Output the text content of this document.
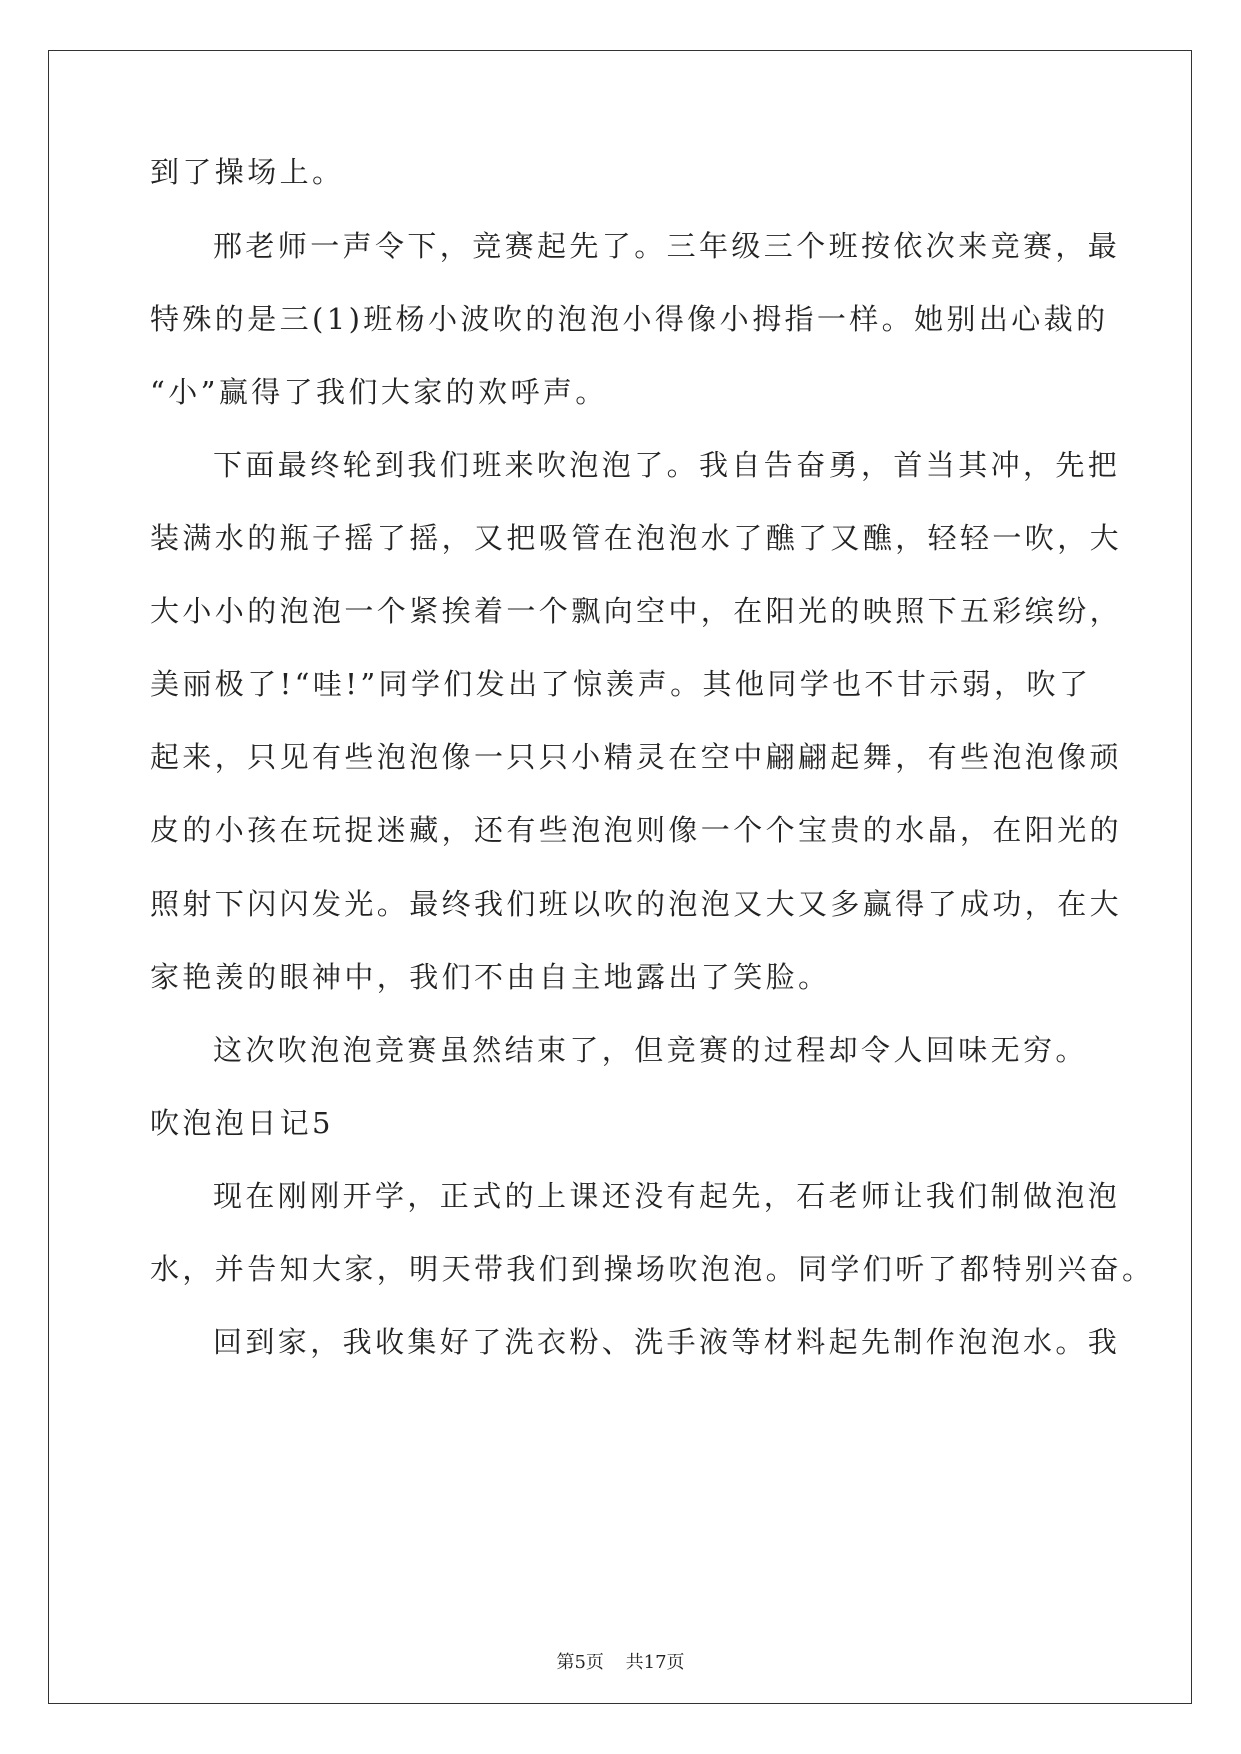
到了操场上。
邢老师一声令下，竞赛起先了。三年级三个班按依次来竞赛，最
特殊的是三(1)班杨小波吹的泡泡小得像小拇指一样。她别出心裁的
“小”赢得了我们大家的欢呼声。
下面最终轮到我们班来吹泡泡了。我自告奋勇，首当其冲，先把
装满水的瓶子摇了摇，又把吸管在泡泡水了醮了又醮，轻轻一吹，大
大小小的泡泡一个紧挨着一个飘向空中，在阳光的映照下五彩缤纷，
美丽极了!“哇!”同学们发出了惊羡声。其他同学也不甘示弱，吹了
起来，只见有些泡泡像一只只小精灵在空中翩翩起舞，有些泡泡像顽
皮的小孩在玩捉迷藏，还有些泡泡则像一个个宝贵的水晶，在阳光的
照射下闪闪发光。最终我们班以吹的泡泡又大又多赢得了成功，在大
家艳羡的眼神中，我们不由自主地露出了笑脸。
这次吹泡泡竞赛虽然结束了，但竞赛的过程却令人回味无穷。
吹泡泡日记5
现在刚刚开学，正式的上课还没有起先，石老师让我们制做泡泡
水，并告知大家，明天带我们到操场吹泡泡。同学们听了都特别兴奋。
回到家，我收集好了洗衣粉、洗手液等材料起先制作泡泡水。我
第5页 共17页
